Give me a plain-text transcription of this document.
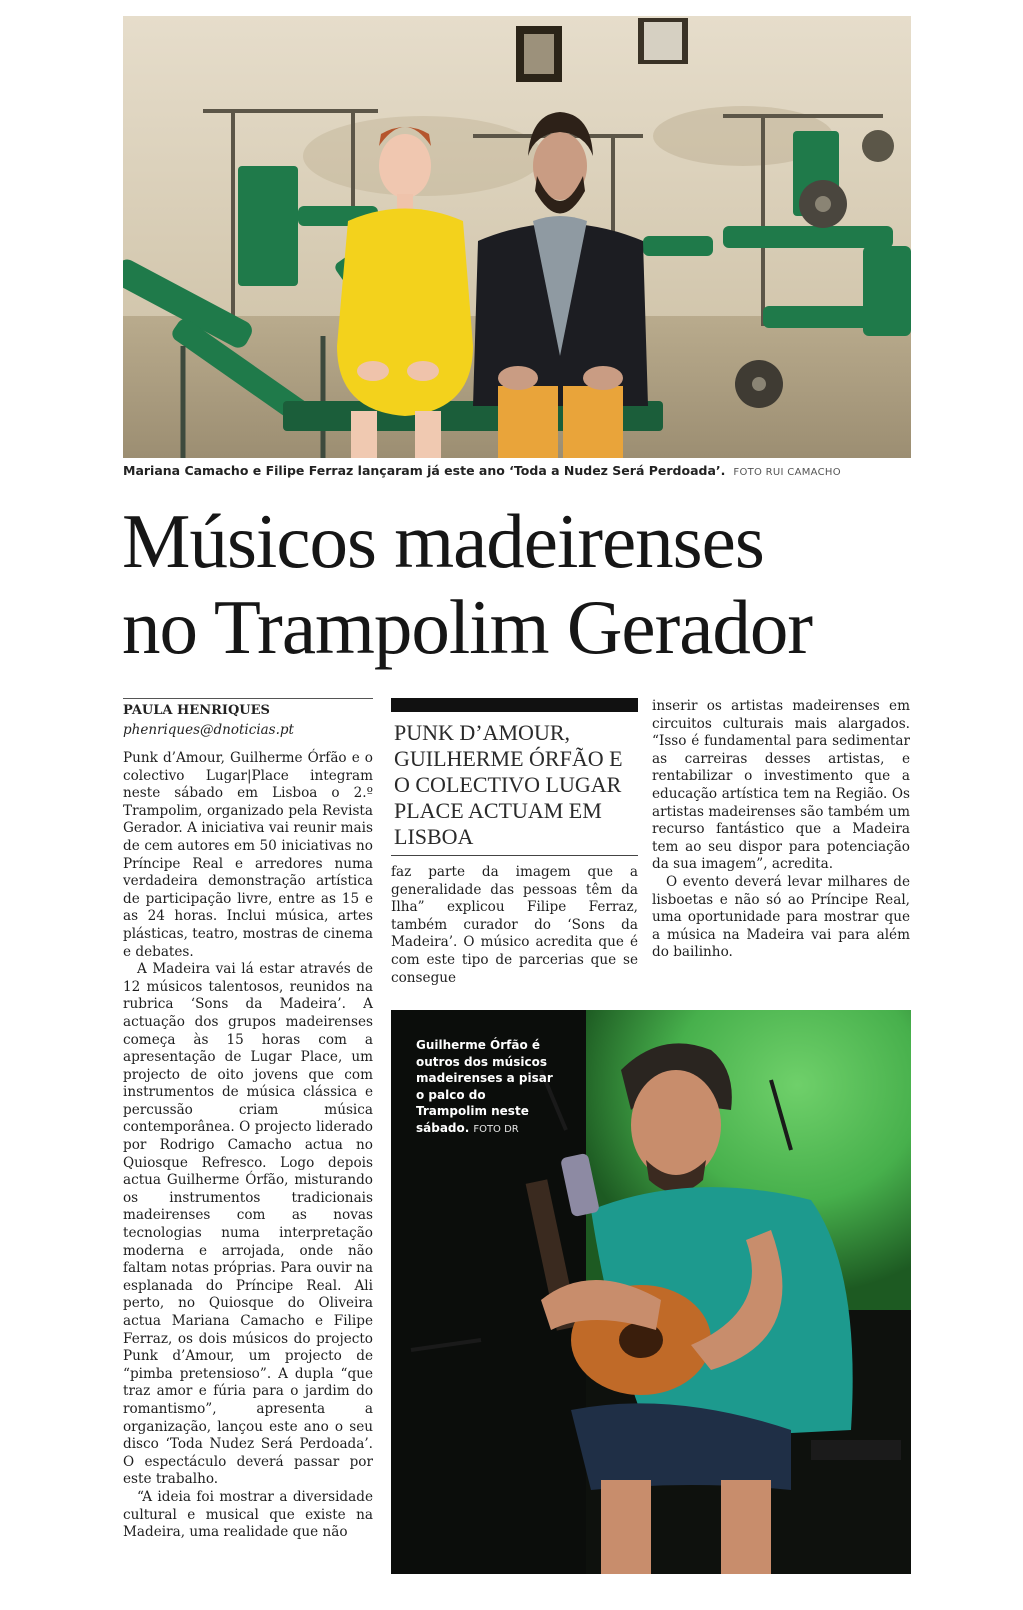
Mariana Camacho e Filipe Ferraz lançaram já este ano ‘Toda a Nudez Será Perdoada’. FOTO RUI CAMACHO
Músicos madeirenses
no Trampolim Gerador
PAULA HENRIQUES
phenriques@dnoticias.pt

Punk d’Amour, Guilherme Órfão e o colectivo Lugar|Place integram neste sábado em Lisboa o 2.º Trampolim, organizado pela Revista Gerador. A iniciativa vai reunir mais de cem autores em 50 iniciativas no Príncipe Real e arredores numa verdadeira demonstração artística de participação livre, entre as 15 e as 24 horas. Inclui música, artes plásticas, teatro, mostras de cinema e debates.

A Madeira vai lá estar através de 12 músicos talentosos, reunidos na rubrica ‘Sons da Madeira’. A actuação dos grupos madeirenses começa às 15 horas com a apresentação de Lugar Place, um projecto de oito jovens que com instrumentos de música clássica e percussão criam música contemporânea. O projecto liderado por Rodrigo Camacho actua no Quiosque Refresco. Logo depois actua Guilherme Órfão, misturando os instrumentos tradicionais madeirenses com as novas tecnologias numa interpretação moderna e arrojada, onde não faltam notas próprias. Para ouvir na esplanada do Príncipe Real. Ali perto, no Quiosque do Oliveira actua Mariana Camacho e Filipe Ferraz, os dois músicos do projecto Punk d’Amour, um projecto de “pimba pretensioso”. A dupla “que traz amor e fúria para o jardim do romantismo”, apresenta a organização, lançou este ano o seu disco ‘Toda Nudez Será Perdoada’. O espectáculo deverá passar por este trabalho.

“A ideia foi mostrar a diversidade cultural e musical que existe na Madeira, uma realidade que não

PUNK D’AMOUR, GUILHERME ÓRFÃO E O COLECTIVO LUGAR PLACE ACTUAM EM LISBOA

faz parte da imagem que a generalidade das pessoas têm da Ilha” explicou Filipe Ferraz, também curador do ‘Sons da Madeira’. O músico acredita que é com este tipo de parcerias que se consegue

inserir os artistas madeirenses em circuitos culturais mais alargados. “Isso é fundamental para sedimentar as carreiras desses artistas, e rentabilizar o investimento que a educação artística tem na Região. Os artistas madeirenses são também um recurso fantástico que a Madeira tem ao seu dispor para potenciação da sua imagem”, acredita.

O evento deverá levar milhares de lisboetas e não só ao Príncipe Real, uma oportunidade para mostrar que a música na Madeira vai para além do bailinho.

Guilherme Órfão é outros dos músicos madeirenses a pisar o palco do Trampolim neste sábado. FOTO DR
